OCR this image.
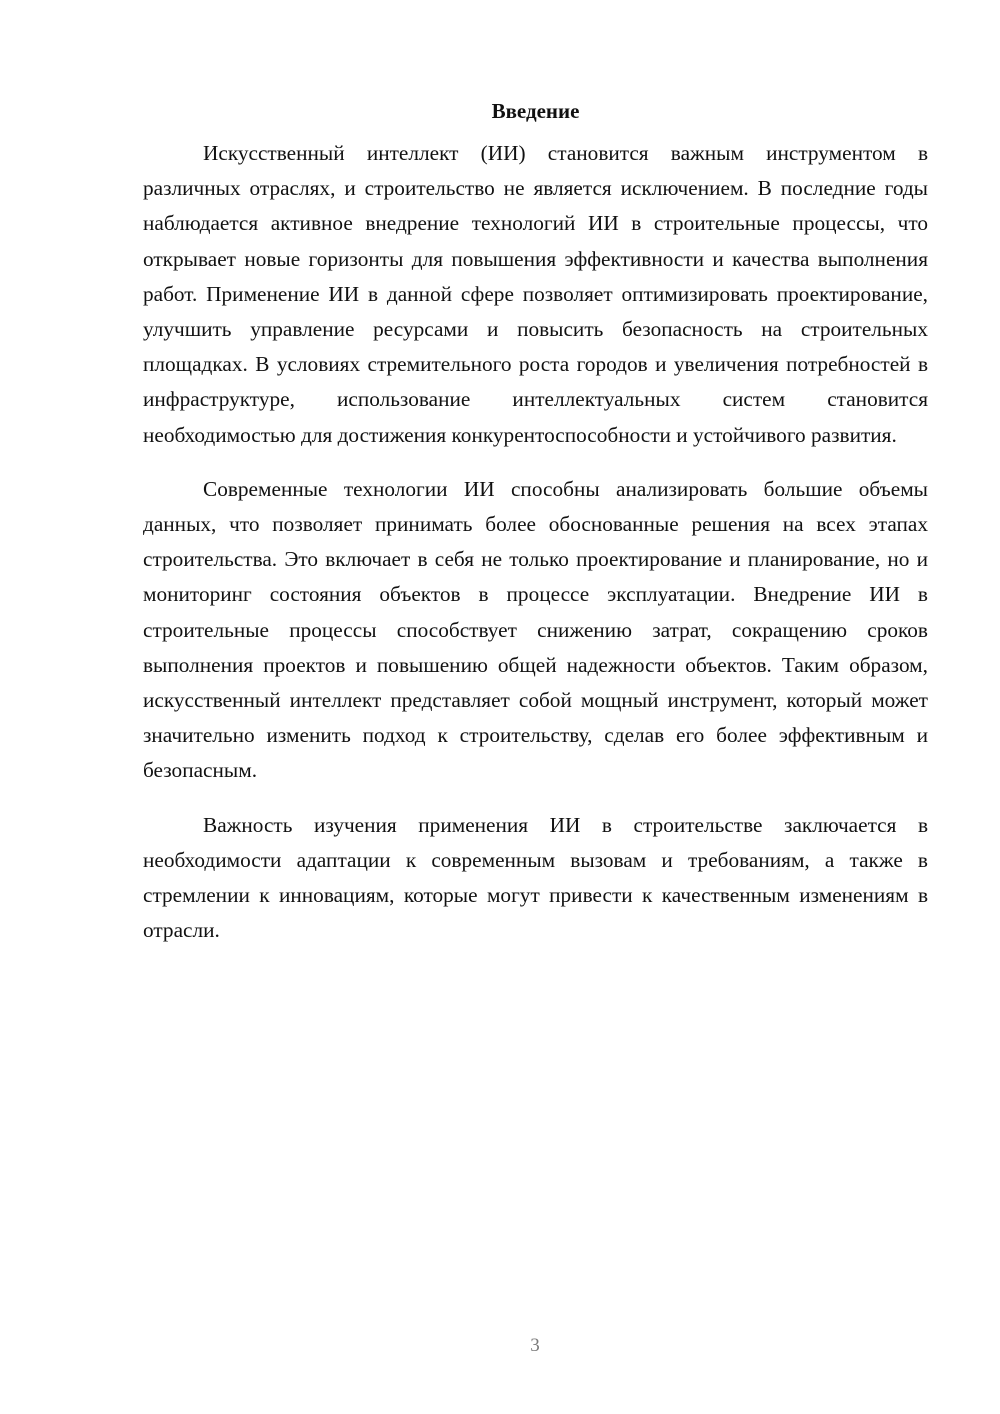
Введение

Искусственный интеллект (ИИ) становится важным инструментом в различных отраслях, и строительство не является исключением. В последние годы наблюдается активное внедрение технологий ИИ в строительные процессы, что открывает новые горизонты для повышения эффективности и качества выполнения работ. Применение ИИ в данной сфере позволяет оптимизировать проектирование, улучшить управление ресурсами и повысить безопасность на строительных площадках. В условиях стремительного роста городов и увеличения потребностей в инфраструктуре, использование интеллектуальных систем становится необходимостью для достижения конкурентоспособности и устойчивого развития.

Современные технологии ИИ способны анализировать большие объемы данных, что позволяет принимать более обоснованные решения на всех этапах строительства. Это включает в себя не только проектирование и планирование, но и мониторинг состояния объектов в процессе эксплуатации. Внедрение ИИ в строительные процессы способствует снижению затрат, сокращению сроков выполнения проектов и повышению общей надежности объектов. Таким образом, искусственный интеллект представляет собой мощный инструмент, который может значительно изменить подход к строительству, сделав его более эффективным и безопасным.

Важность изучения применения ИИ в строительстве заключается в необходимости адаптации к современным вызовам и требованиям, а также в стремлении к инновациям, которые могут привести к качественным изменениям в отрасли.

3
